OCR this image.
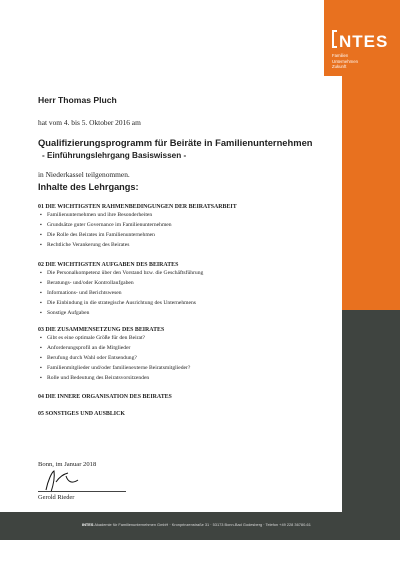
NTES
Familien
Unternehmen
Zukunft
Herr Thomas Pluch
hat vom 4. bis 5. Oktober 2016 am
Qualifizierungsprogramm für Beiräte in Familienunternehmen
- Einführungslehrgang Basiswissen -
in Niederkassel teilgenommen.
Inhalte des Lehrgangs:
01 DIE WICHTIGSTEN RAHMENBEDINGUNGEN DER BEIRATSARBEIT
▪ Familienunternehmen und ihre Besonderheiten
▪ Grundsätze guter Governance im Familienunternehmen
▪ Die Rolle des Beirates im Familienunternehmen
▪ Rechtliche Verankerung des Beirates
02 DIE WICHTIGSTEN AUFGABEN DES BEIRATES
▪ Die Personalkompetenz über den Vorstand bzw. die Geschäftsführung
▪ Beratungs- und/oder Kontrollaufgaben
▪ Informations- und Berichtswesen
▪ Die Einbindung in die strategische Ausrichtung des Unternehmens
▪ Sonstige Aufgaben
03 DIE ZUSAMMENSETZUNG DES BEIRATES
▪ Gibt es eine optimale Größe für den Beirat?
▪ Anforderungsprofil an die Mitglieder
▪ Berufung durch Wahl oder Entsendung?
▪ Familienmitglieder und/oder familienexterne Beiratsmitglieder?
▪ Rolle und Bedeutung des Beiratsvorsitzenden
04 DIE INNERE ORGANISATION DES BEIRATES
05 SONSTIGES UND AUSBLICK
Bonn, im Januar 2018
Gerold Rieder
INTES Akademie für Familienunternehmen GmbH · Kronprinzenstraße 31 · 53173 Bonn-Bad Godesberg · Telefon +49 228 36780-61
